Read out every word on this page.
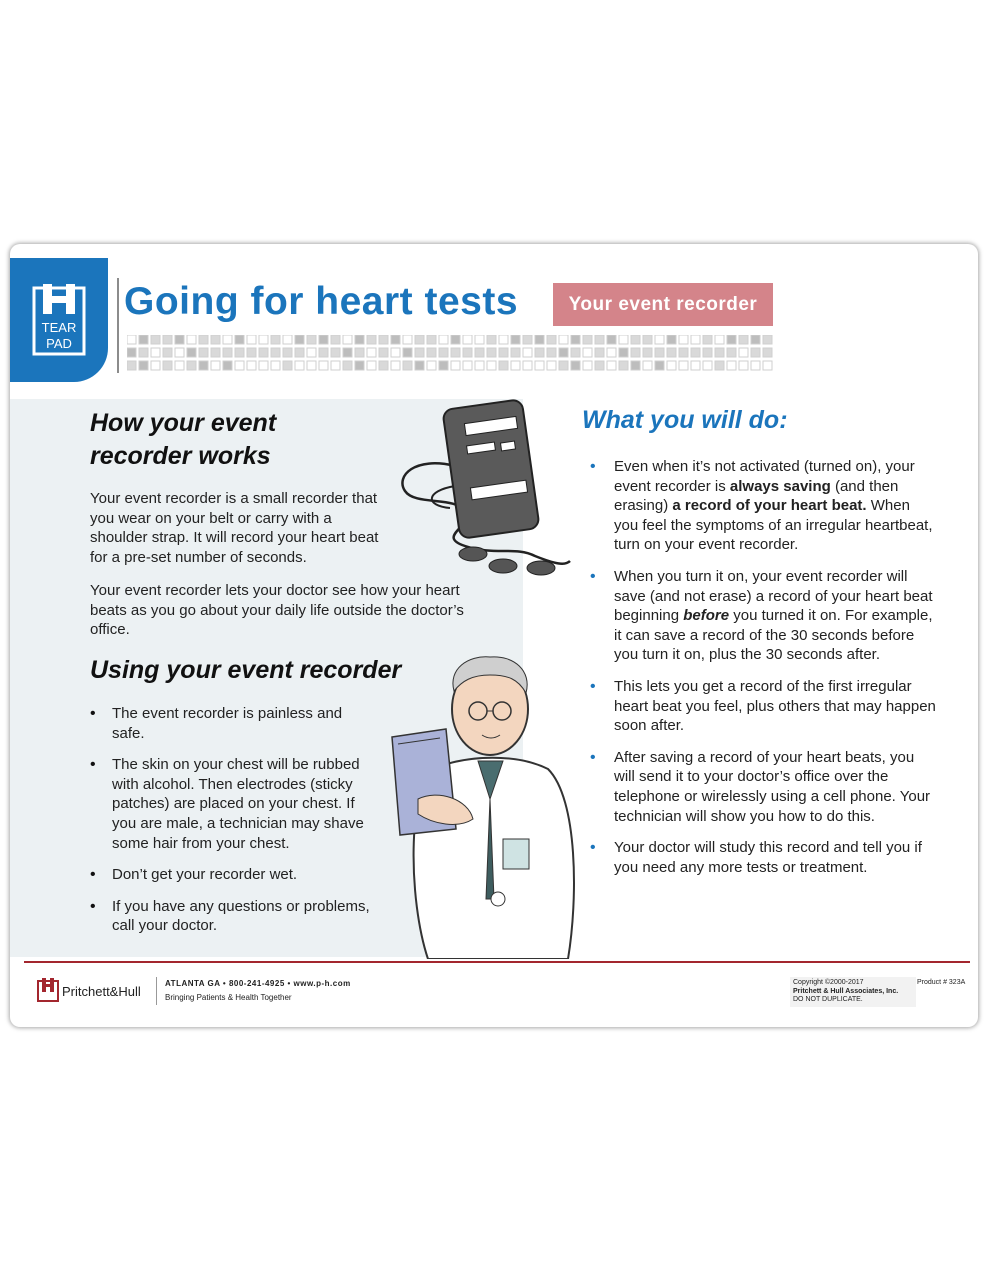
TEAR
PAD
Going for heart tests	Your event recorder
How your event
recorder works

Your event recorder is a small recorder that you wear on your belt or carry with a shoulder strap. It will record your heart beat for a pre-set number of seconds.

Your event recorder lets your doctor see how your heart beats as you go about your daily life outside the doctor’s office.

Using your event recorder
• The event recorder is painless and safe.
• The skin on your chest will be rubbed with alcohol. Then electrodes (sticky patches) are placed on your chest. If you are male, a technician may shave some hair from your chest.
• Don’t get your recorder wet.
• If you have any questions or problems, call your doctor.
What you will do:
• Even when it’s not activated (turned on), your event recorder is always saving (and then erasing) a record of your heart beat. When you feel the symptoms of an irregular heartbeat, turn on your event recorder.
• When you turn it on, your event recorder will save (and not erase) a record of your heart beat beginning before you turned it on. For example, it can save a record of the 30 seconds before you turn it on, plus the 30 seconds after.
• This lets you get a record of the first irregular heart beat you feel, plus others that may happen soon after.
• After saving a record of your heart beats, you will send it to your doctor’s office over the telephone or wirelessly using a cell phone. Your technician will show you how to do this.
• Your doctor will study this record and tell you if you need any more tests or treatment.
Pritchett&Hull
ATLANTA GA • 800-241-4925 • www.p-h.com
Bringing Patients & Health Together
Copyright ©2000-2017
Pritchett & Hull Associates, Inc.
DO NOT DUPLICATE.
Product # 323A
